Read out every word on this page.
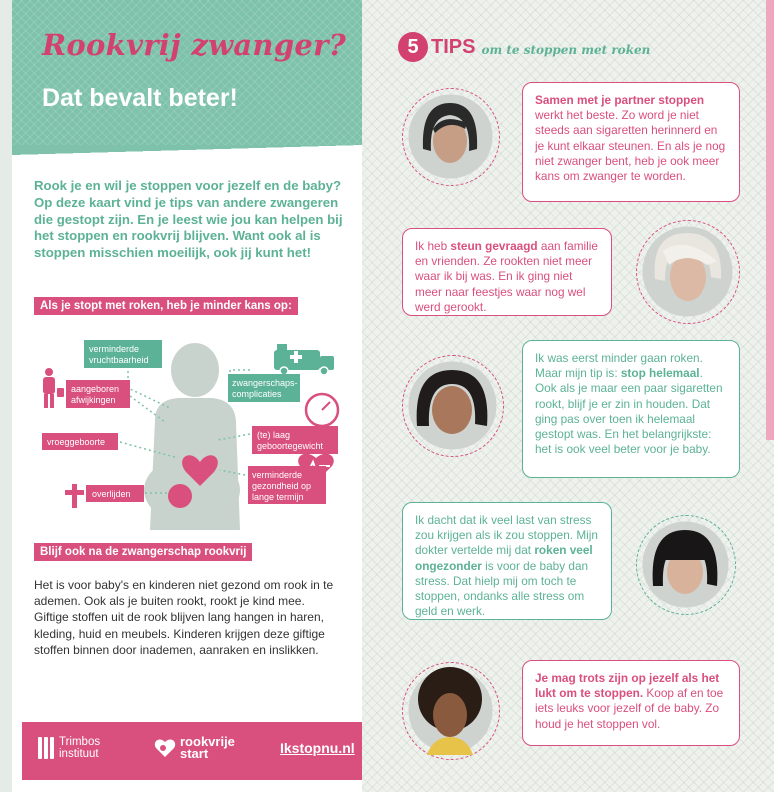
Rookvrij zwanger?
Dat bevalt beter!

Rook je en wil je stoppen voor jezelf en de baby? Op deze kaart vind je tips van andere zwangeren die gestopt zijn. En je leest wie jou kan helpen bij het stoppen en rookvrij blijven. Want ook al is stoppen misschien moeilijk, ook jij kunt het!

Als je stopt met roken, heb je minder kans op:
verminderde
vruchtbaarheid
zwangerschaps-
complicaties
aangeboren
afwijkingen
(te) laag
geboortegewicht
vroeggeboorte
verminderde
gezondheid op
lange termijn
overlijden
Blijf ook na de zwangerschap rookvrij

Het is voor baby's en kinderen niet gezond om rook in te ademen. Ook als je buiten rookt, rookt je kind mee. Giftige stoffen uit de rook blijven lang hangen in haren, kleding, huid en meubels. Kinderen krijgen deze giftige stoffen binnen door inademen, aanraken en inslikken.

Trimbos
instituut
rookvrije
start	Ikstopnu.nl
5 TIPS om te stoppen met roken
Samen met je partner stoppen werkt het beste. Zo word je niet steeds aan sigaretten herinnerd en je kunt elkaar steunen. En als je nog niet zwanger bent, heb je ook meer kans om zwanger te worden.
Ik heb steun gevraagd aan familie en vrienden. Ze rookten niet meer waar ik bij was. En ik ging niet meer naar feestjes waar nog wel werd gerookt.
Ik was eerst minder gaan roken. Maar mijn tip is: stop helemaal. Ook als je maar een paar sigaretten rookt, blijf je er zin in houden. Dat ging pas over toen ik helemaal gestopt was. En het belangrijkste: het is ook veel beter voor je baby.
Ik dacht dat ik veel last van stress zou krijgen als ik zou stoppen. Mijn dokter vertelde mij dat roken veel ongezonder is voor de baby dan stress. Dat hielp mij om toch te stoppen, ondanks alle stress om geld en werk.
Je mag trots zijn op jezelf als het lukt om te stoppen. Koop af en toe iets leuks voor jezelf of de baby. Zo houd je het stoppen vol.
